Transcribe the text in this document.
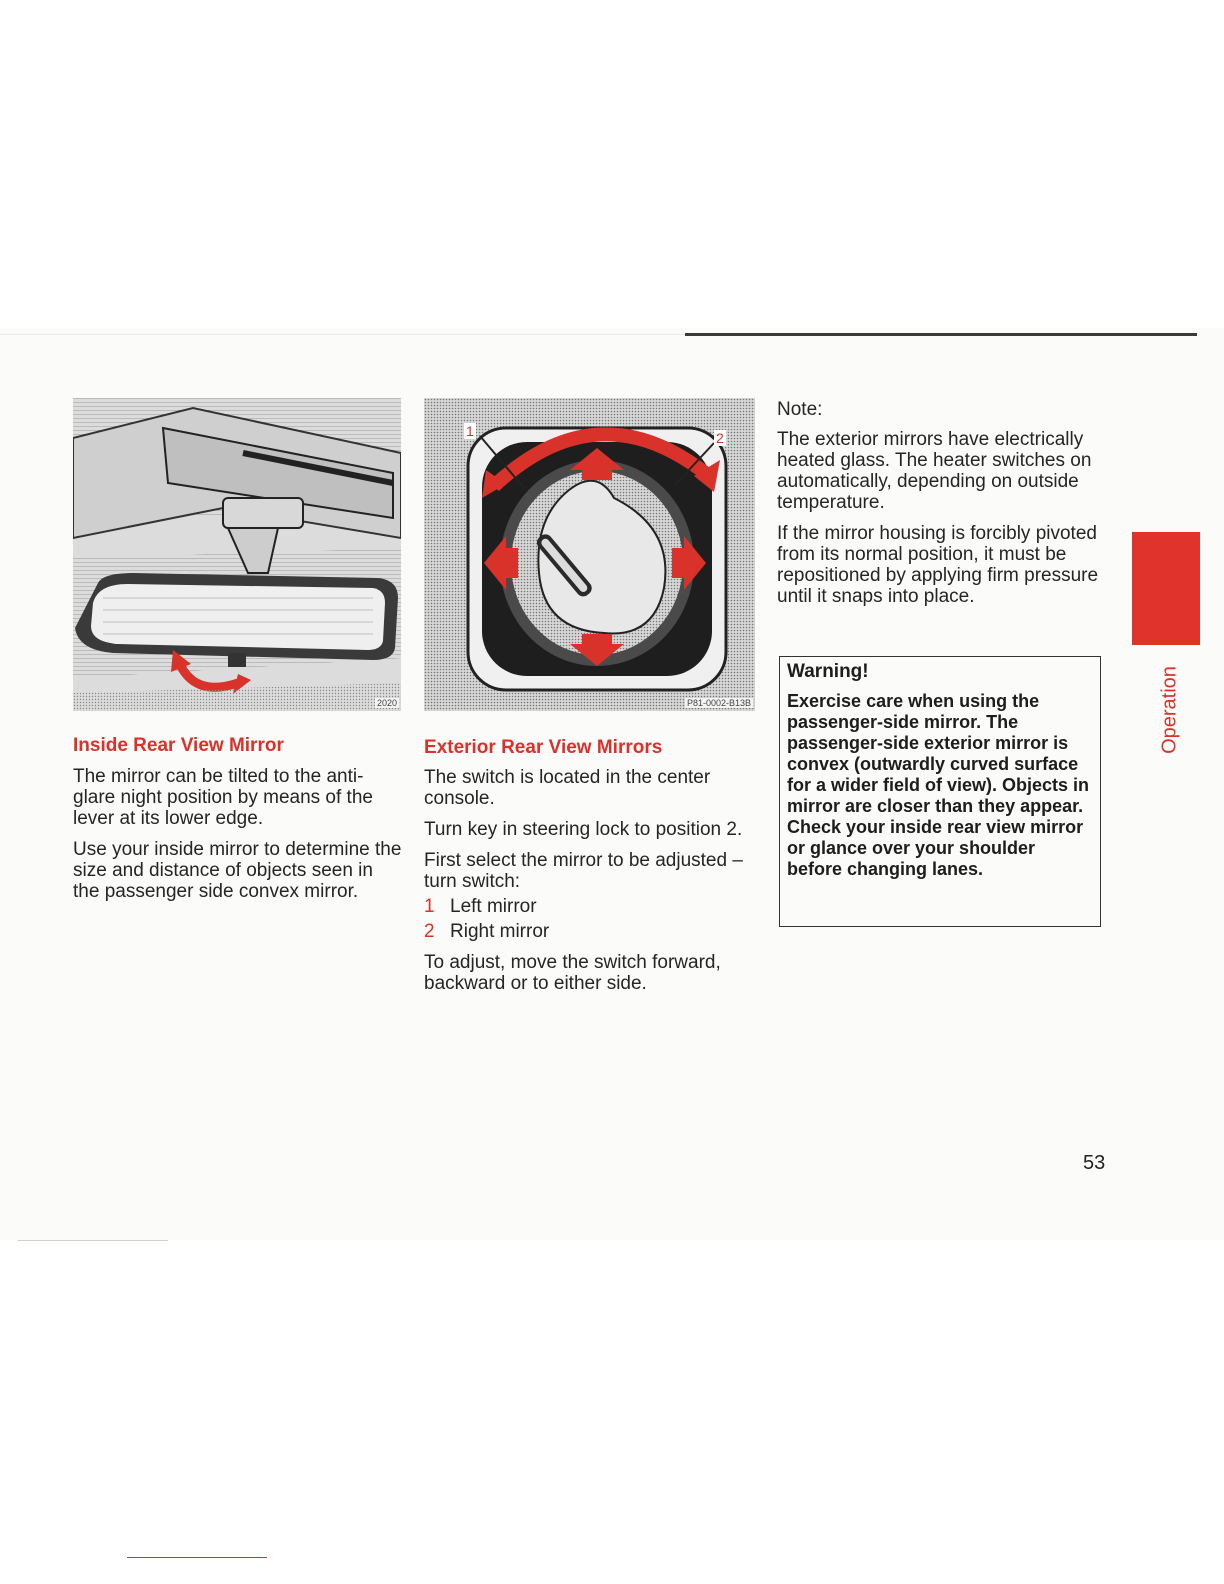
2020
1	2
P81-0002-B13B
Inside Rear View Mirror

The mirror can be tilted to the anti-glare night position by means of the lever at its lower edge.

Use your inside mirror to determine the size and distance of objects seen in the passenger side convex mirror.

Exterior Rear View Mirrors

The switch is located in the center console.

Turn key in steering lock to position 2.

First select the mirror to be adjusted – turn switch:

1 Left mirror
2 Right mirror

To adjust, move the switch forward, backward or to either side.

Note:

The exterior mirrors have electrically heated glass. The heater switches on automatically, depending on outside temperature.

If the mirror housing is forcibly pivoted from its normal position, it must be repositioned by applying firm pressure until it snaps into place.

Warning!
Exercise care when using the passenger-side mirror. The passenger-side exterior mirror is convex (outwardly curved surface for a wider field of view). Objects in mirror are closer than they appear. Check your inside rear view mirror or glance over your shoulder before changing lanes.
Operation
53
